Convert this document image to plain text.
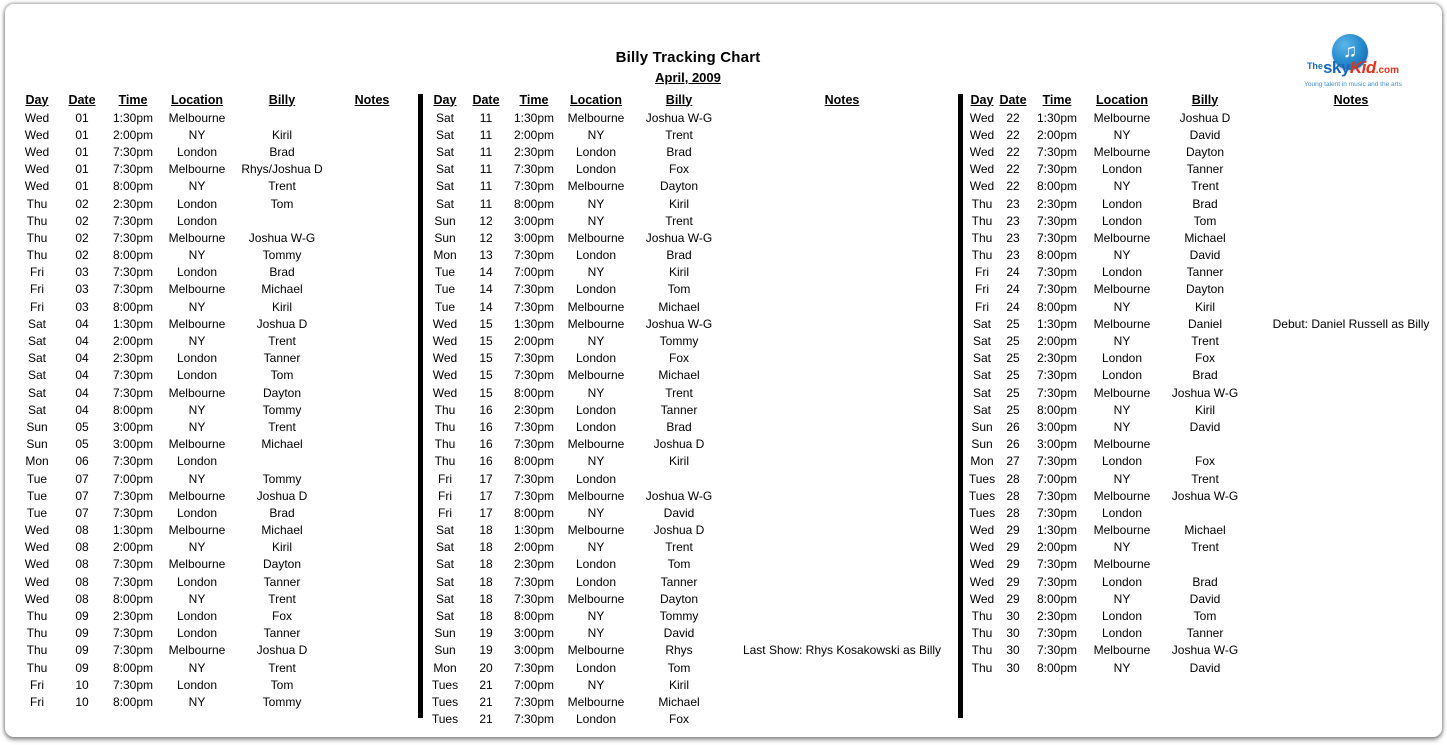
Billy Tracking Chart
April, 2009
♫
$^{The}$skyKid.com
Young talent in music and the arts
Day	Date	Time	Location	Billy	Notes
Wed	01	1:30pm	Melbourne		
Wed	01	2:00pm	NY	Kiril	
Wed	01	7:30pm	London	Brad	
Wed	01	7:30pm	Melbourne	Rhys/Joshua D	
Wed	01	8:00pm	NY	Trent	
Thu	02	2:30pm	London	Tom	
Thu	02	7:30pm	London		
Thu	02	7:30pm	Melbourne	Joshua W-G	
Thu	02	8:00pm	NY	Tommy	
Fri	03	7:30pm	London	Brad	
Fri	03	7:30pm	Melbourne	Michael	
Fri	03	8:00pm	NY	Kiril	
Sat	04	1:30pm	Melbourne	Joshua D	
Sat	04	2:00pm	NY	Trent	
Sat	04	2:30pm	London	Tanner	
Sat	04	7:30pm	London	Tom	
Sat	04	7:30pm	Melbourne	Dayton	
Sat	04	8:00pm	NY	Tommy	
Sun	05	3:00pm	NY	Trent	
Sun	05	3:00pm	Melbourne	Michael	
Mon	06	7:30pm	London		
Tue	07	7:00pm	NY	Tommy	
Tue	07	7:30pm	Melbourne	Joshua D	
Tue	07	7:30pm	London	Brad	
Wed	08	1:30pm	Melbourne	Michael	
Wed	08	2:00pm	NY	Kiril	
Wed	08	7:30pm	Melbourne	Dayton	
Wed	08	7:30pm	London	Tanner	
Wed	08	8:00pm	NY	Trent	
Thu	09	2:30pm	London	Fox	
Thu	09	7:30pm	London	Tanner	
Thu	09	7:30pm	Melbourne	Joshua D	
Thu	09	8:00pm	NY	Trent	
Fri	10	7:30pm	London	Tom	
Fri	10	8:00pm	NY	Tommy	
Day	Date	Time	Location	Billy	Notes
Sat	11	1:30pm	Melbourne	Joshua W-G	
Sat	11	2:00pm	NY	Trent	
Sat	11	2:30pm	London	Brad	
Sat	11	7:30pm	London	Fox	
Sat	11	7:30pm	Melbourne	Dayton	
Sat	11	8:00pm	NY	Kiril	
Sun	12	3:00pm	NY	Trent	
Sun	12	3:00pm	Melbourne	Joshua W-G	
Mon	13	7:30pm	London	Brad	
Tue	14	7:00pm	NY	Kiril	
Tue	14	7:30pm	London	Tom	
Tue	14	7:30pm	Melbourne	Michael	
Wed	15	1:30pm	Melbourne	Joshua W-G	
Wed	15	2:00pm	NY	Tommy	
Wed	15	7:30pm	London	Fox	
Wed	15	7:30pm	Melbourne	Michael	
Wed	15	8:00pm	NY	Trent	
Thu	16	2:30pm	London	Tanner	
Thu	16	7:30pm	London	Brad	
Thu	16	7:30pm	Melbourne	Joshua D	
Thu	16	8:00pm	NY	Kiril	
Fri	17	7:30pm	London		
Fri	17	7:30pm	Melbourne	Joshua W-G	
Fri	17	8:00pm	NY	David	
Sat	18	1:30pm	Melbourne	Joshua D	
Sat	18	2:00pm	NY	Trent	
Sat	18	2:30pm	London	Tom	
Sat	18	7:30pm	London	Tanner	
Sat	18	7:30pm	Melbourne	Dayton	
Sat	18	8:00pm	NY	Tommy	
Sun	19	3:00pm	NY	David	
Sun	19	3:00pm	Melbourne	Rhys	Last Show: Rhys Kosakowski as Billy
Mon	20	7:30pm	London	Tom	
Tues	21	7:00pm	NY	Kiril	
Tues	21	7:30pm	Melbourne	Michael	
Tues	21	7:30pm	London	Fox	
Day	Date	Time	Location	Billy	Notes
Wed	22	1:30pm	Melbourne	Joshua D	
Wed	22	2:00pm	NY	David	
Wed	22	7:30pm	Melbourne	Dayton	
Wed	22	7:30pm	London	Tanner	
Wed	22	8:00pm	NY	Trent	
Thu	23	2:30pm	London	Brad	
Thu	23	7:30pm	London	Tom	
Thu	23	7:30pm	Melbourne	Michael	
Thu	23	8:00pm	NY	David	
Fri	24	7:30pm	London	Tanner	
Fri	24	7:30pm	Melbourne	Dayton	
Fri	24	8:00pm	NY	Kiril	
Sat	25	1:30pm	Melbourne	Daniel	Debut: Daniel Russell as Billy
Sat	25	2:00pm	NY	Trent	
Sat	25	2:30pm	London	Fox	
Sat	25	7:30pm	London	Brad	
Sat	25	7:30pm	Melbourne	Joshua W-G	
Sat	25	8:00pm	NY	Kiril	
Sun	26	3:00pm	NY	David	
Sun	26	3:00pm	Melbourne		
Mon	27	7:30pm	London	Fox	
Tues	28	7:00pm	NY	Trent	
Tues	28	7:30pm	Melbourne	Joshua W-G	
Tues	28	7:30pm	London		
Wed	29	1:30pm	Melbourne	Michael	
Wed	29	2:00pm	NY	Trent	
Wed	29	7:30pm	Melbourne		
Wed	29	7:30pm	London	Brad	
Wed	29	8:00pm	NY	David	
Thu	30	2:30pm	London	Tom	
Thu	30	7:30pm	London	Tanner	
Thu	30	7:30pm	Melbourne	Joshua W-G	
Thu	30	8:00pm	NY	David	
